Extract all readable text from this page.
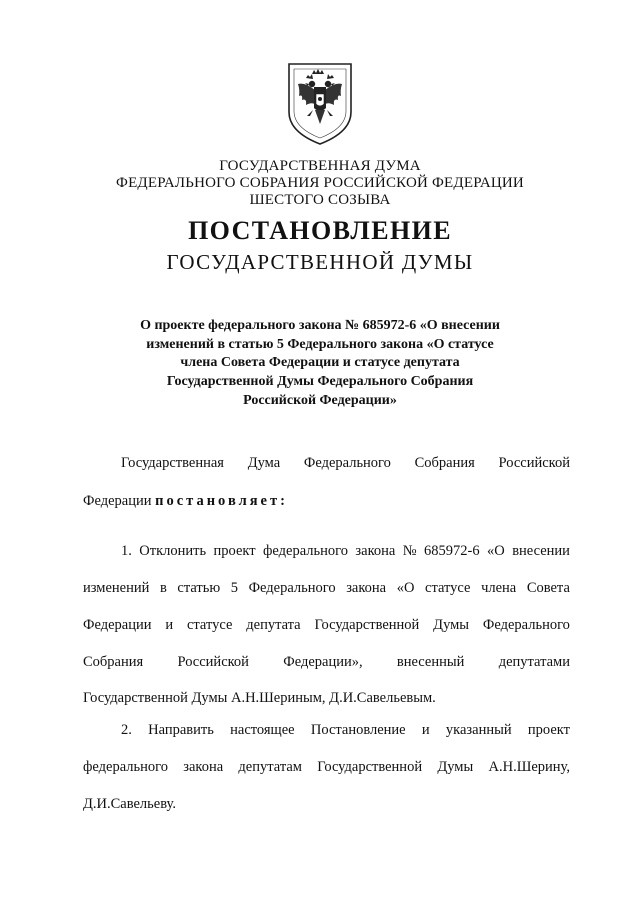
ГОСУДАРСТВЕННАЯ ДУМА
ФЕДЕРАЛЬНОГО СОБРАНИЯ РОССИЙСКОЙ ФЕДЕРАЦИИ
ШЕСТОГО СОЗЫВА
ПОСТАНОВЛЕНИЕ
ГОСУДАРСТВЕННОЙ ДУМЫ
О проекте федерального закона № 685972-6 «О внесении
изменений в статью 5 Федерального закона «О статусе
члена Совета Федерации и статусе депутата
Государственной Думы Федерального Собрания
Российской Федерации»
Государственная Дума Федерального Собрания Российской
Федерации постановляет:
1. Отклонить проект федерального закона № 685972-6 «О внесении
изменений в статью 5 Федерального закона «О статусе члена Совета
Федерации и статусе депутата Государственной Думы Федерального
Собрания Российской Федерации», внесенный депутатами
Государственной Думы А.Н.Шериным, Д.И.Савельевым.
2. Направить настоящее Постановление и указанный проект
федерального закона депутатам Государственной Думы А.Н.Шерину,
Д.И.Савельеву.
